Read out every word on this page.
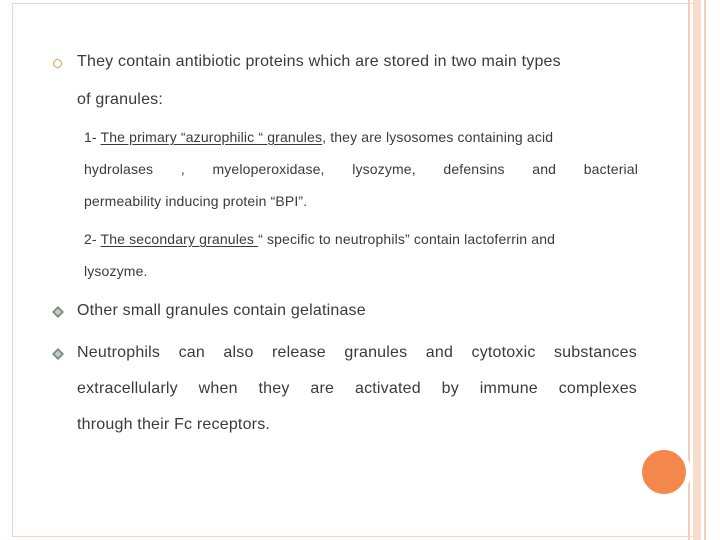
They contain antibiotic proteins which are stored in two main types
of granules:
1- The primary “azurophilic “ granules, they are lysosomes containing acid
hydrolases , myeloperoxidase, lysozyme, defensins and bacterial
permeability inducing protein “BPI”.
2- The secondary granules “ specific to neutrophils” contain lactoferrin and
lysozyme.
Other small granules contain gelatinase
Neutrophils can also release granules and cytotoxic substances
extracellularly when they are activated by immune complexes
through their Fc receptors.
